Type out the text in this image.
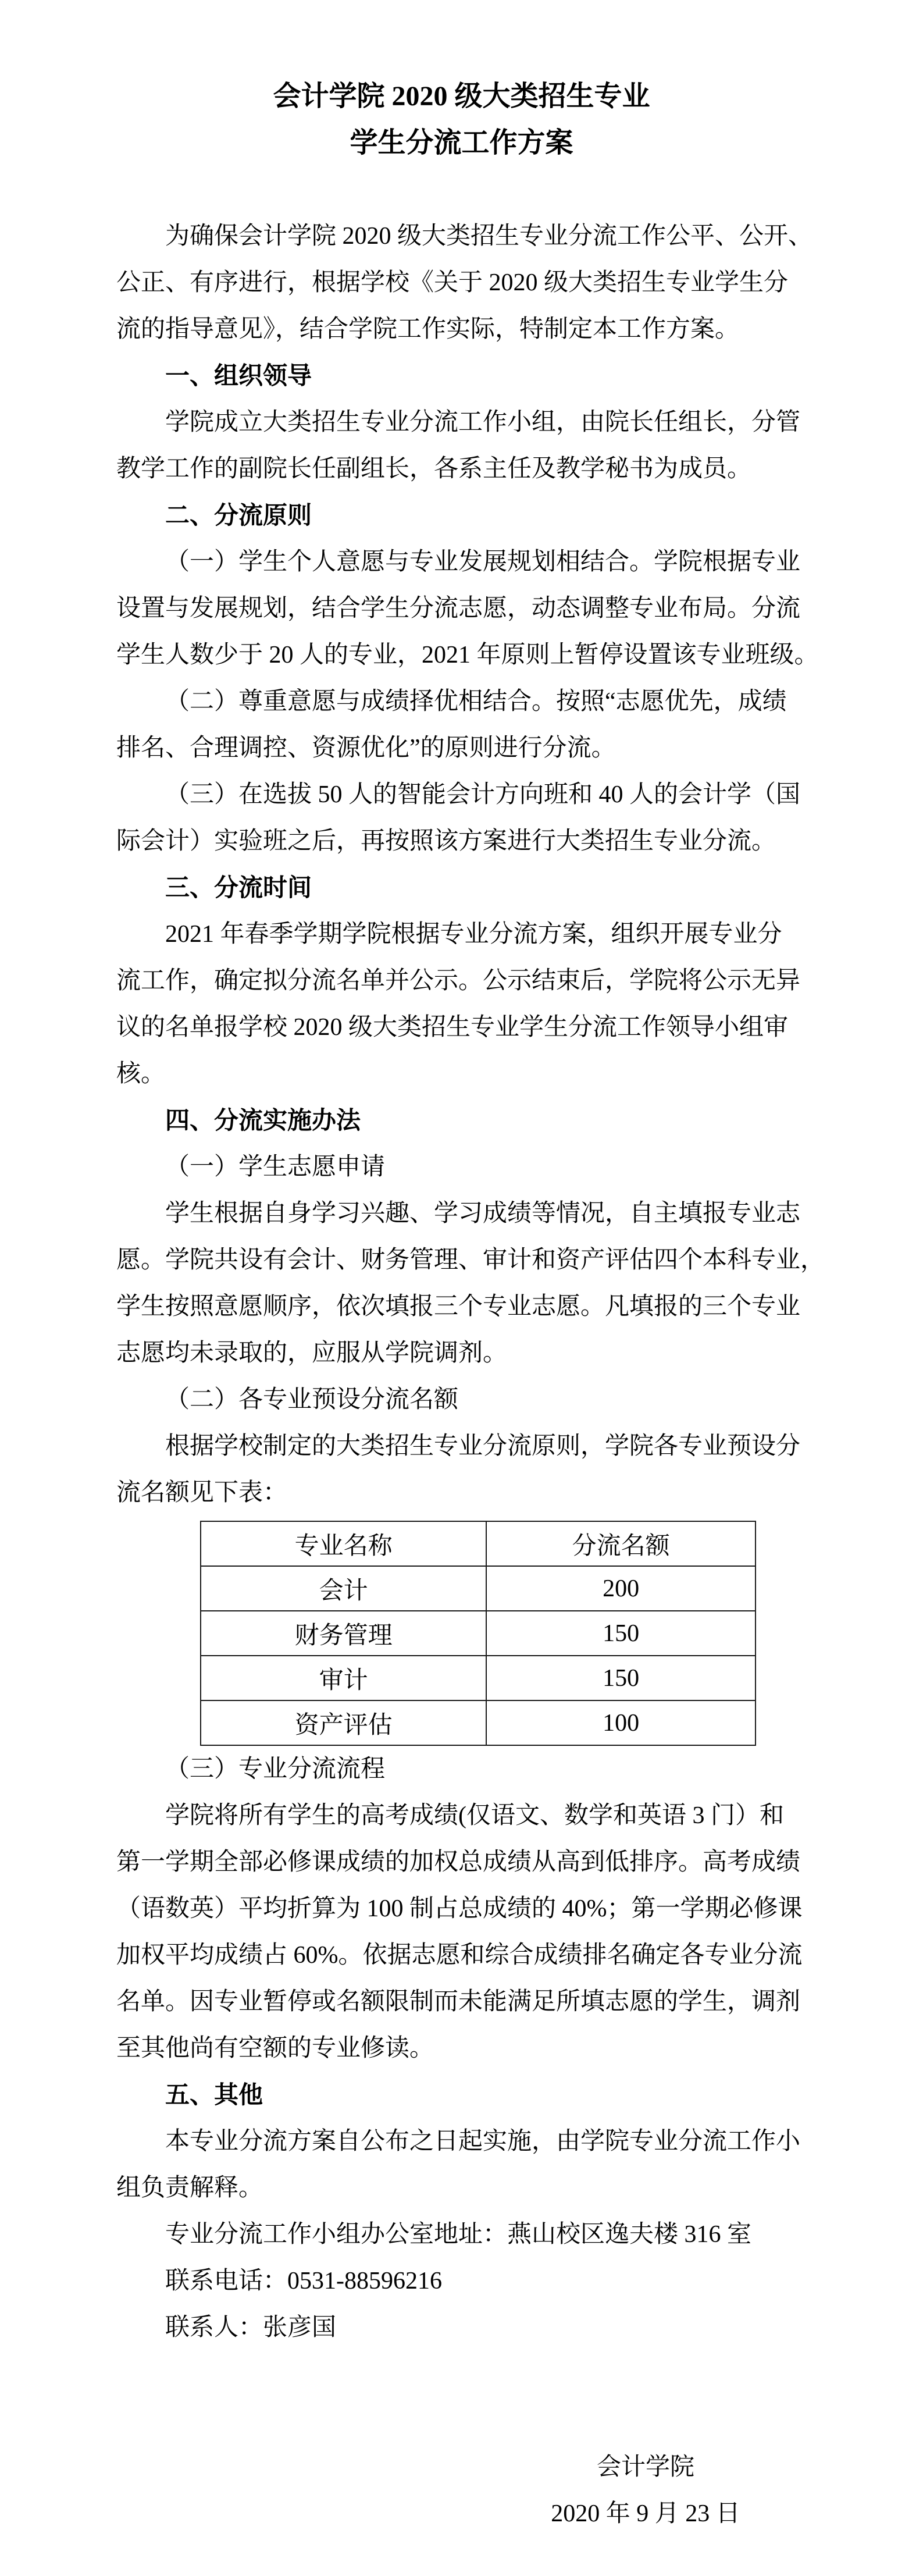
会计学院 2020 级大类招生专业
学生分流工作方案
为确保会计学院 2020 级大类招生专业分流工作公平、公开、
公正、有序进行，根据学校《关于 2020 级大类招生专业学生分
流的指导意见》，结合学院工作实际，特制定本工作方案。
一、组织领导
学院成立大类招生专业分流工作小组，由院长任组长，分管
教学工作的副院长任副组长，各系主任及教学秘书为成员。
二、分流原则
（一）学生个人意愿与专业发展规划相结合。学院根据专业
设置与发展规划，结合学生分流志愿，动态调整专业布局。分流
学生人数少于 20 人的专业，2021 年原则上暂停设置该专业班级。
（二）尊重意愿与成绩择优相结合。按照“志愿优先，成绩
排名、合理调控、资源优化”的原则进行分流。
（三）在选拔 50 人的智能会计方向班和 40 人的会计学（国
际会计）实验班之后，再按照该方案进行大类招生专业分流。
三、分流时间
2021 年春季学期学院根据专业分流方案，组织开展专业分
流工作，确定拟分流名单并公示。公示结束后，学院将公示无异
议的名单报学校 2020 级大类招生专业学生分流工作领导小组审
核。
四、分流实施办法
（一）学生志愿申请
学生根据自身学习兴趣、学习成绩等情况，自主填报专业志
愿。学院共设有会计、财务管理、审计和资产评估四个本科专业，
学生按照意愿顺序，依次填报三个专业志愿。凡填报的三个专业
志愿均未录取的，应服从学院调剂。
（二）各专业预设分流名额
根据学校制定的大类招生专业分流原则，学院各专业预设分
流名额见下表：
专业名称	分流名额
会计	200
财务管理	150
审计	150
资产评估	100
（三）专业分流流程
学院将所有学生的高考成绩(仅语文、数学和英语 3 门）和
第一学期全部必修课成绩的加权总成绩从高到低排序。高考成绩
（语数英）平均折算为 100 制占总成绩的 40%；第一学期必修课
加权平均成绩占 60%。依据志愿和综合成绩排名确定各专业分流
名单。因专业暂停或名额限制而未能满足所填志愿的学生，调剂
至其他尚有空额的专业修读。
五、其他
本专业分流方案自公布之日起实施，由学院专业分流工作小
组负责解释。
专业分流工作小组办公室地址：燕山校区逸夫楼 316 室
联系电话：0531-88596216
联系人：张彦国
会计学院
2020 年 9 月 23 日
